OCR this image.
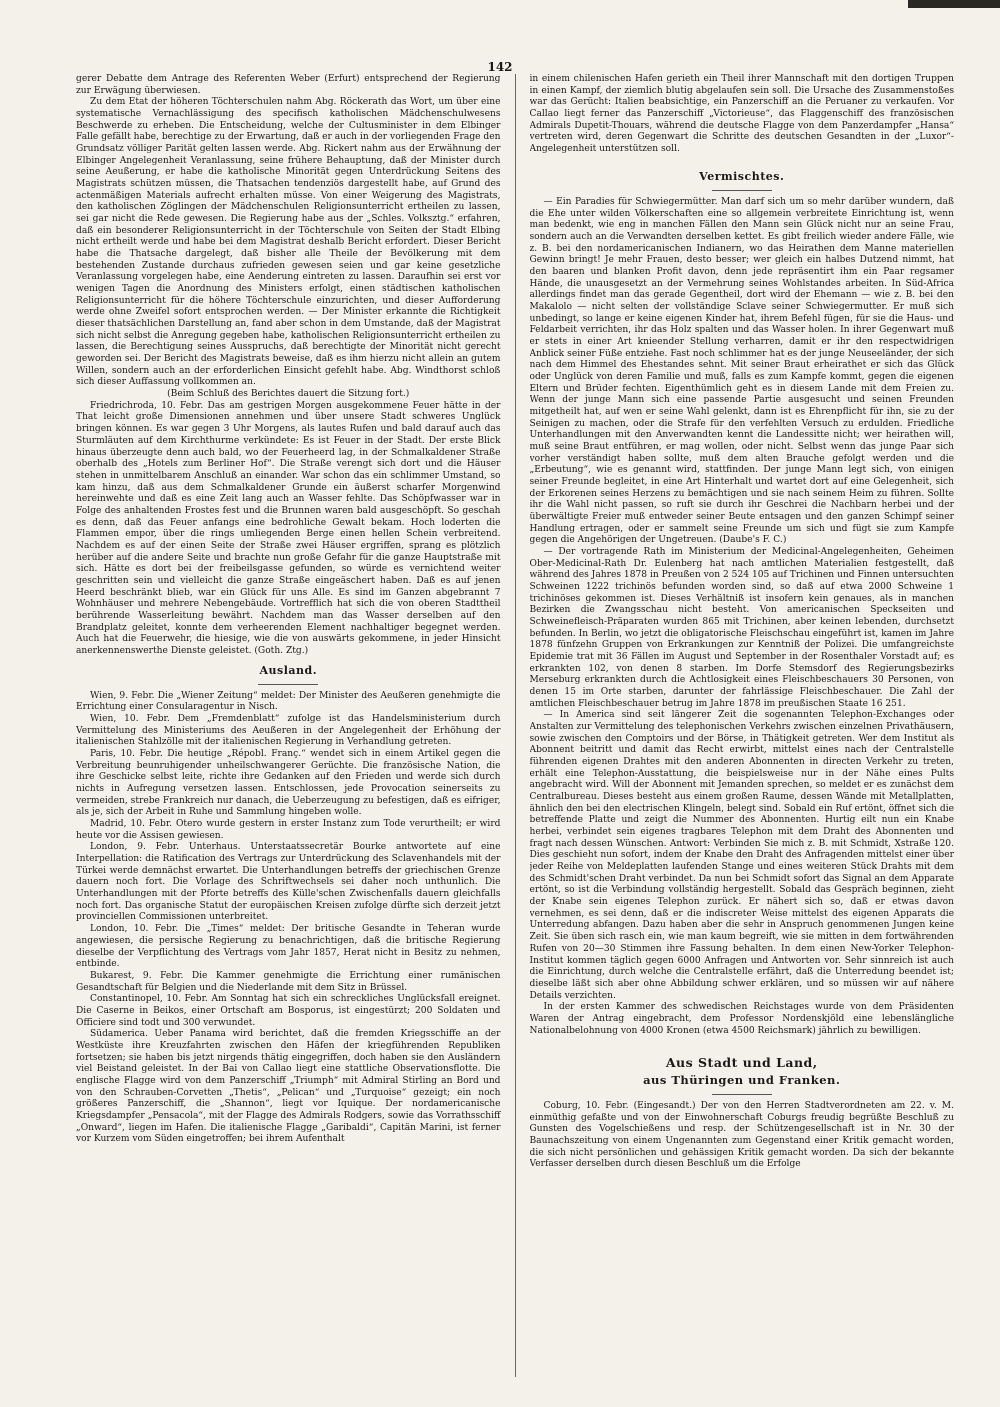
142

gerer Debatte dem Antrage des Referenten Weber (Erfurt) entsprechend der Regierung zur Erwägung überwiesen.

Zu dem Etat der höheren Töchterschulen nahm Abg. Röckerath das Wort, um über eine systematische Vernachlässigung des specifisch katholischen Mädchenschulwesens Beschwerde zu erheben. Die Entscheidung, welche der Cultusminister in dem Elbinger Falle gefällt habe, berechtige zu der Erwartung, daß er auch in der vorliegenden Frage den Grundsatz völliger Parität gelten lassen werde. Abg. Rickert nahm aus der Erwähnung der Elbinger Angelegenheit Veranlassung, seine frühere Behauptung, daß der Minister durch seine Aeußerung, er habe die katholische Minorität gegen Unterdrückung Seitens des Magistrats schützen müssen, die Thatsachen tendenziös dargestellt habe, auf Grund des actenmäßigen Materials aufrecht erhalten müsse. Von einer Weigerung des Magistrats, den katholischen Zöglingen der Mädchenschulen Religionsunterricht ertheilen zu lassen, sei gar nicht die Rede gewesen. Die Regierung habe aus der „Schles. Volksztg.“ erfahren, daß ein besonderer Religionsunterricht in der Töchterschule von Seiten der Stadt Elbing nicht ertheilt werde und habe bei dem Magistrat deshalb Bericht erfordert. Dieser Bericht habe die Thatsache dargelegt, daß bisher alle Theile der Bevölkerung mit dem bestehenden Zustande durchaus zufrieden gewesen seien und gar keine gesetzliche Veranlassung vorgelegen habe, eine Aenderung eintreten zu lassen. Daraufhin sei erst vor wenigen Tagen die Anordnung des Ministers erfolgt, einen städtischen katholischen Religionsunterricht für die höhere Töchterschule einzurichten, und dieser Aufforderung werde ohne Zweifel sofort entsprochen werden. — Der Minister erkannte die Richtigkeit dieser thatsächlichen Darstellung an, fand aber schon in dem Umstande, daß der Magistrat sich nicht selbst die Anregung gegeben habe, katholischen Religionsunterricht ertheilen zu lassen, die Berechtigung seines Ausspruchs, daß berechtigte der Minorität nicht gerecht geworden sei. Der Bericht des Magistrats beweise, daß es ihm hierzu nicht allein an gutem Willen, sondern auch an der erforderlichen Einsicht gefehlt habe. Abg. Windthorst schloß sich dieser Auffassung vollkommen an.

(Beim Schluß des Berichtes dauert die Sitzung fort.)

Friedrichroda, 10. Febr. Das am gestrigen Morgen ausgekommene Feuer hätte in der That leicht große Dimensionen annehmen und über unsere Stadt schweres Unglück bringen können. Es war gegen 3 Uhr Morgens, als lautes Rufen und bald darauf auch das Sturmläuten auf dem Kirchthurme verkündete: Es ist Feuer in der Stadt. Der erste Blick hinaus überzeugte denn auch bald, wo der Feuerheerd lag, in der Schmalkaldener Straße oberhalb des „Hotels zum Berliner Hof“. Die Straße verengt sich dort und die Häuser stehen in unmittelbarem Anschluß an einander. War schon das ein schlimmer Umstand, so kam hinzu, daß aus dem Schmalkaldener Grunde ein äußerst scharfer Morgenwind hereinwehte und daß es eine Zeit lang auch an Wasser fehlte. Das Schöpfwasser war in Folge des anhaltenden Frostes fest und die Brunnen waren bald ausgeschöpft. So geschah es denn, daß das Feuer anfangs eine bedrohliche Gewalt bekam. Hoch loderten die Flammen empor, über die rings umliegenden Berge einen hellen Schein verbreitend. Nachdem es auf der einen Seite der Straße zwei Häuser ergriffen, sprang es plötzlich herüber auf die andere Seite und brachte nun große Gefahr für die ganze Hauptstraße mit sich. Hätte es dort bei der freibeilsgasse gefunden, so würde es vernichtend weiter geschritten sein und vielleicht die ganze Straße eingeäschert haben. Daß es auf jenen Heerd beschränkt blieb, war ein Glück für uns Alle. Es sind im Ganzen abgebrannt 7 Wohnhäuser und mehrere Nebengebäude. Vortrefflich hat sich die von oberen Stadttheil berührende Wasserleitung bewährt. Nachdem man das Wasser derselben auf den Brandplatz geleitet, konnte dem verheerenden Element nachhaltiger begegnet werden. Auch hat die Feuerwehr, die hiesige, wie die von auswärts gekommene, in jeder Hinsicht anerkennenswerthe Dienste geleistet. (Goth. Ztg.)

Ausland.

Wien, 9. Febr. Die „Wiener Zeitung“ meldet: Der Minister des Aeußeren genehmigte die Errichtung einer Consularagentur in Nisch.

Wien, 10. Febr. Dem „Fremdenblatt“ zufolge ist das Handelsministerium durch Vermittelung des Ministeriums des Aeußeren in der Angelegenheit der Erhöhung der italienischen Stahlzölle mit der italienischen Regierung in Verhandlung getreten.

Paris, 10. Febr. Die heutige „Répobl. Franç.“ wendet sich in einem Artikel gegen die Verbreitung beunruhigender unheilschwangerer Gerüchte. Die französische Nation, die ihre Geschicke selbst leite, richte ihre Gedanken auf den Frieden und werde sich durch nichts in Aufregung versetzen lassen. Entschlossen, jede Provocation seinerseits zu vermeiden, strebe Frankreich nur danach, die Ueberzeugung zu befestigen, daß es eifriger, als je, sich der Arbeit in Ruhe und Sammlung hingeben wolle.

Madrid, 10. Febr. Otero wurde gestern in erster Instanz zum Tode verurtheilt; er wird heute vor die Assisen gewiesen.

London, 9. Febr. Unterhaus. Unterstaatssecretär Bourke antwortete auf eine Interpellation: die Ratification des Vertrags zur Unterdrückung des Sclavenhandels mit der Türkei werde demnächst erwartet. Die Unterhandlungen betreffs der griechischen Grenze dauern noch fort. Die Vorlage des Schriftwechsels sei daher noch unthunlich. Die Unterhandlungen mit der Pforte betreffs des Külle'schen Zwischenfalls dauern gleichfalls noch fort. Das organische Statut der europäischen Kreisen zufolge dürfte sich derzeit jetzt provinciellen Commissionen unterbreitet.

London, 10. Febr. Die „Times“ meldet: Der britische Gesandte in Teheran wurde angewiesen, die persische Regierung zu benachrichtigen, daß die britische Regierung dieselbe der Verpflichtung des Vertrags vom Jahr 1857, Herat nicht in Besitz zu nehmen, entbinde.

Bukarest, 9. Febr. Die Kammer genehmigte die Errichtung einer rumänischen Gesandtschaft für Belgien und die Niederlande mit dem Sitz in Brüssel.

Constantinopel, 10. Febr. Am Sonntag hat sich ein schreckliches Unglücksfall ereignet. Die Caserne in Beikos, einer Ortschaft am Bosporus, ist eingestürzt; 200 Soldaten und Officiere sind todt und 300 verwundet.

Südamerica. Ueber Panama wird berichtet, daß die fremden Kriegsschiffe an der Westküste ihre Kreuzfahrten zwischen den Häfen der kriegführenden Republiken fortsetzen; sie haben bis jetzt nirgends thätig eingegriffen, doch haben sie den Ausländern viel Beistand geleistet. In der Bai von Callao liegt eine stattliche Observationsflotte. Die englische Flagge wird von dem Panzerschiff „Triumph“ mit Admiral Stirling an Bord und von den Schrauben-Corvetten „Thetis“, „Pelican“ und „Turquoise“ gezeigt; ein noch größeres Panzerschiff, die „Shannon“, liegt vor Iquique. Der nordamericanische Kriegsdampfer „Pensacola“, mit der Flagge des Admirals Rodgers, sowie das Vorrathsschiff „Onward“, liegen im Hafen. Die italienische Flagge „Garibaldi“, Capitän Marini, ist ferner vor Kurzem vom Süden eingetroffen; bei ihrem Aufenthalt

in einem chilenischen Hafen gerieth ein Theil ihrer Mannschaft mit den dortigen Truppen in einen Kampf, der ziemlich blutig abgelaufen sein soll. Die Ursache des Zusammenstoßes war das Gerücht: Italien beabsichtige, ein Panzerschiff an die Peruaner zu verkaufen. Vor Callao liegt ferner das Panzerschiff „Victorieuse“, das Flaggenschiff des französischen Admirals Dupetit-Thouars, während die deutsche Flagge von dem Panzerdampfer „Hansa“ vertreten wird, deren Gegenwart die Schritte des deutschen Gesandten in der „Luxor“-Angelegenheit unterstützen soll.

Vermischtes.

— Ein Paradies für Schwiegermütter. Man darf sich um so mehr darüber wundern, daß die Ehe unter wilden Völkerschaften eine so allgemein verbreitete Einrichtung ist, wenn man bedenkt, wie eng in manchen Fällen den Mann sein Glück nicht nur an seine Frau, sondern auch an die Verwandten derselben kettet. Es gibt freilich wieder andere Fälle, wie z. B. bei den nordamericanischen Indianern, wo das Heirathen dem Manne materiellen Gewinn bringt! Je mehr Frauen, desto besser; wer gleich ein halbes Dutzend nimmt, hat den baaren und blanken Profit davon, denn jede repräsentirt ihm ein Paar regsamer Hände, die unausgesetzt an der Vermehrung seines Wohlstandes arbeiten. In Süd-Africa allerdings findet man das gerade Gegentheil, dort wird der Ehemann — wie z. B. bei den Makalolo — nicht selten der vollständige Sclave seiner Schwiegermutter. Er muß sich unbedingt, so lange er keine eigenen Kinder hat, ihrem Befehl fügen, für sie die Haus- und Feldarbeit verrichten, ihr das Holz spalten und das Wasser holen. In ihrer Gegenwart muß er stets in einer Art knieender Stellung verharren, damit er ihr den respectwidrigen Anblick seiner Füße entziehe. Fast noch schlimmer hat es der junge Neuseeländer, der sich nach dem Himmel des Ehestandes sehnt. Mit seiner Braut erheirathet er sich das Glück oder Unglück von deren Familie und muß, falls es zum Kampfe kommt, gegen die eigenen Eltern und Brüder fechten. Eigenthümlich geht es in diesem Lande mit dem Freien zu. Wenn der junge Mann sich eine passende Partie ausgesucht und seinen Freunden mitgetheilt hat, auf wen er seine Wahl gelenkt, dann ist es Ehrenpflicht für ihn, sie zu der Seinigen zu machen, oder die Strafe für den verfehlten Versuch zu erdulden. Friedliche Unterhandlungen mit den Anverwandten kennt die Landessitte nicht; wer heirathen will, muß seine Braut entführen, er mag wollen, oder nicht. Selbst wenn das junge Paar sich vorher verständigt haben sollte, muß dem alten Brauche gefolgt werden und die „Erbeutung“, wie es genannt wird, stattfinden. Der junge Mann legt sich, von einigen seiner Freunde begleitet, in eine Art Hinterhalt und wartet dort auf eine Gelegenheit, sich der Erkorenen seines Herzens zu bemächtigen und sie nach seinem Heim zu führen. Sollte ihr die Wahl nicht passen, so ruft sie durch ihr Geschrei die Nachbarn herbei und der überwältigte Freier muß entweder seiner Beute entsagen und den ganzen Schimpf seiner Handlung ertragen, oder er sammelt seine Freunde um sich und fügt sie zum Kampfe gegen die Angehörigen der Ungetreuen. (Daube's F. C.)

— Der vortragende Rath im Ministerium der Medicinal-Angelegenheiten, Geheimen Ober-Medicinal-Rath Dr. Eulenberg hat nach amtlichen Materialien festgestellt, daß während des Jahres 1878 in Preußen von 2 524 105 auf Trichinen und Finnen untersuchten Schweinen 1222 trichinös befunden worden sind, so daß auf etwa 2000 Schweine 1 trichinöses gekommen ist. Dieses Verhältniß ist insofern kein genaues, als in manchen Bezirken die Zwangsschau nicht besteht. Von americanischen Speckseiten und Schweinefleisch-Präparaten wurden 865 mit Trichinen, aber keinen lebenden, durchsetzt befunden. In Berlin, wo jetzt die obligatorische Fleischschau eingeführt ist, kamen im Jahre 1878 fünfzehn Gruppen von Erkrankungen zur Kenntniß der Polizei. Die umfangreichste Epidemie trat mit 36 Fällen im August und September in der Rosenthaler Vorstadt auf; es erkrankten 102, von denen 8 starben. Im Dorfe Stemsdorf des Regierungsbezirks Merseburg erkrankten durch die Achtlosigkeit eines Fleischbeschauers 30 Personen, von denen 15 im Orte starben, darunter der fahrlässige Fleischbeschauer. Die Zahl der amtlichen Fleischbeschauer betrug im Jahre 1878 im preußischen Staate 16 251.

— In America sind seit längerer Zeit die sogenannten Telephon-Exchanges oder Anstalten zur Vermittelung des telephonischen Verkehrs zwischen einzelnen Privathäusern, sowie zwischen den Comptoirs und der Börse, in Thätigkeit getreten. Wer dem Institut als Abonnent beitritt und damit das Recht erwirbt, mittelst eines nach der Centralstelle führenden eigenen Drahtes mit den anderen Abonnenten in directen Verkehr zu treten, erhält eine Telephon-Ausstattung, die beispielsweise nur in der Nähe eines Pults angebracht wird. Will der Abonnent mit Jemanden sprechen, so meldet er es zunächst dem Centralbureau. Dieses besteht aus einem großen Raume, dessen Wände mit Metallplatten, ähnlich den bei den electrischen Klingeln, belegt sind. Sobald ein Ruf ertönt, öffnet sich die betreffende Platte und zeigt die Nummer des Abonnenten. Hurtig eilt nun ein Knabe herbei, verbindet sein eigenes tragbares Telephon mit dem Draht des Abonnenten und fragt nach dessen Wünschen. Antwort: Verbinden Sie mich z. B. mit Schmidt, Xstraße 120. Dies geschieht nun sofort, indem der Knabe den Draht des Anfragenden mittelst einer über jeder Reihe von Meldeplatten laufenden Stange und eines weiteren Stück Drahts mit dem des Schmidt'schen Draht verbindet. Da nun bei Schmidt sofort das Signal an dem Apparate ertönt, so ist die Verbindung vollständig hergestellt. Sobald das Gespräch beginnen, zieht der Knabe sein eigenes Telephon zurück. Er nähert sich so, daß er etwas davon vernehmen, es sei denn, daß er die indiscreter Weise mittelst des eigenen Apparats die Unterredung abfangen. Dazu haben aber die sehr in Anspruch genommenen Jungen keine Zeit. Sie üben sich rasch ein, wie man kaum begreift, wie sie mitten in dem fortwährenden Rufen von 20—30 Stimmen ihre Fassung behalten. In dem einen New-Yorker Telephon-Institut kommen täglich gegen 6000 Anfragen und Antworten vor. Sehr sinnreich ist auch die Einrichtung, durch welche die Centralstelle erfährt, daß die Unterredung beendet ist; dieselbe läßt sich aber ohne Abbildung schwer erklären, und so müssen wir auf nähere Details verzichten.

In der ersten Kammer des schwedischen Reichstages wurde von dem Präsidenten Waren der Antrag eingebracht, dem Professor Nordenskjöld eine lebenslängliche Nationalbelohnung von 4000 Kronen (etwa 4500 Reichsmark) jährlich zu bewilligen.

Aus Stadt und Land,
aus Thüringen und Franken.

Coburg, 10. Febr. (Eingesandt.) Der von den Herren Stadtverordneten am 22. v. M. einmüthig gefaßte und von der Einwohnerschaft Coburgs freudig begrüßte Beschluß zu Gunsten des Vogelschießens und resp. der Schützengesellschaft ist in Nr. 30 der Baunachszeitung von einem Ungenannten zum Gegenstand einer Kritik gemacht worden, die sich nicht persönlichen und gehässigen Kritik gemacht worden. Da sich der bekannte Verfasser derselben durch diesen Beschluß um die Erfolge
